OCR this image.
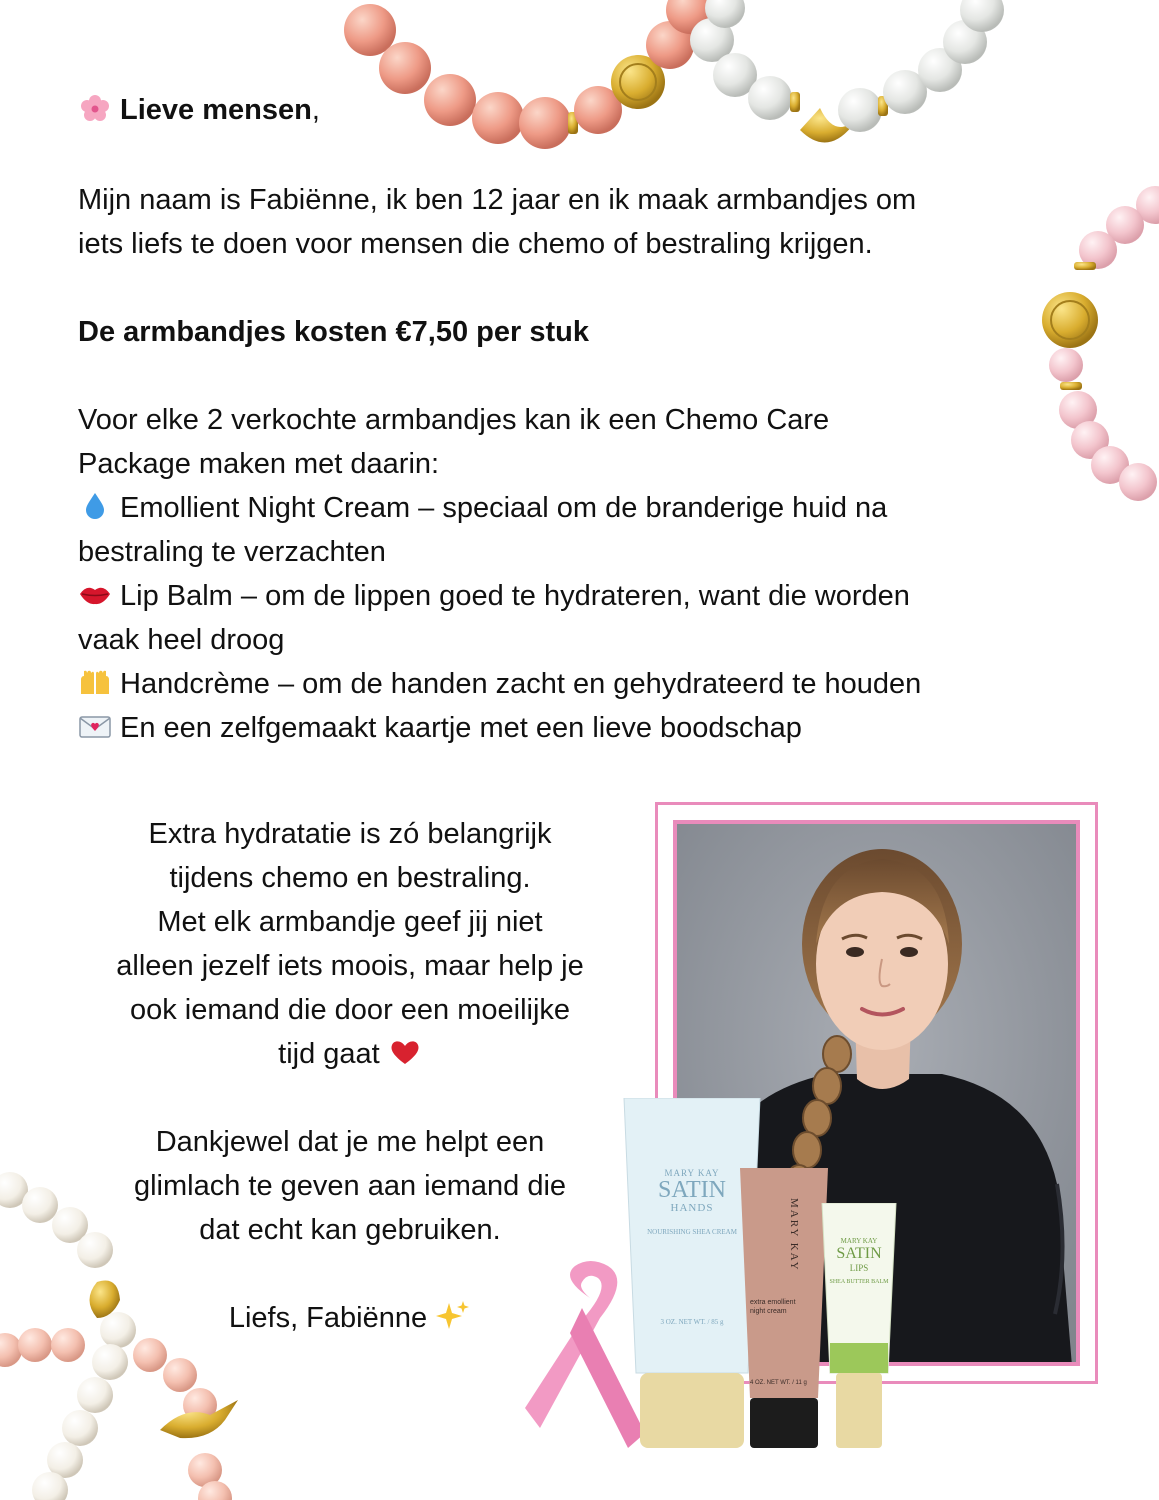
Lieve mensen,

Mijn naam is Fabiënne, ik ben 12 jaar en ik maak armbandjes om

iets liefs te doen voor mensen die chemo of bestraling krijgen.

De armbandjes kosten €7,50 per stuk

Voor elke 2 verkochte armbandjes kan ik een Chemo Care

Package maken met daarin:

Emollient Night Cream – speciaal om de branderige huid na

bestraling te verzachten

Lip Balm – om de lippen goed te hydrateren, want die worden

vaak heel droog

Handcrème – om de handen zacht en gehydrateerd te houden

En een zelfgemaakt kaartje met een lieve boodschap

Extra hydratatie is zó belangrijk

tijdens chemo en bestraling.

Met elk armbandje geef jij niet

alleen jezelf iets moois, maar help je

ook iemand die door een moeilijke

tijd gaat

Dankjewel dat je me helpt een

glimlach te geven aan iemand die

dat echt kan gebruiken.

Liefs, Fabiënne

MARY KAY
SATIN
HANDS
NOURISHING SHEA CREAM
3 OZ. NET WT. / 85 g
MARY KAY
extra emollient night cream
4 OZ. NET WT. / 11 g
MARY KAY
SATIN
LIPS
SHEA BUTTER BALM
